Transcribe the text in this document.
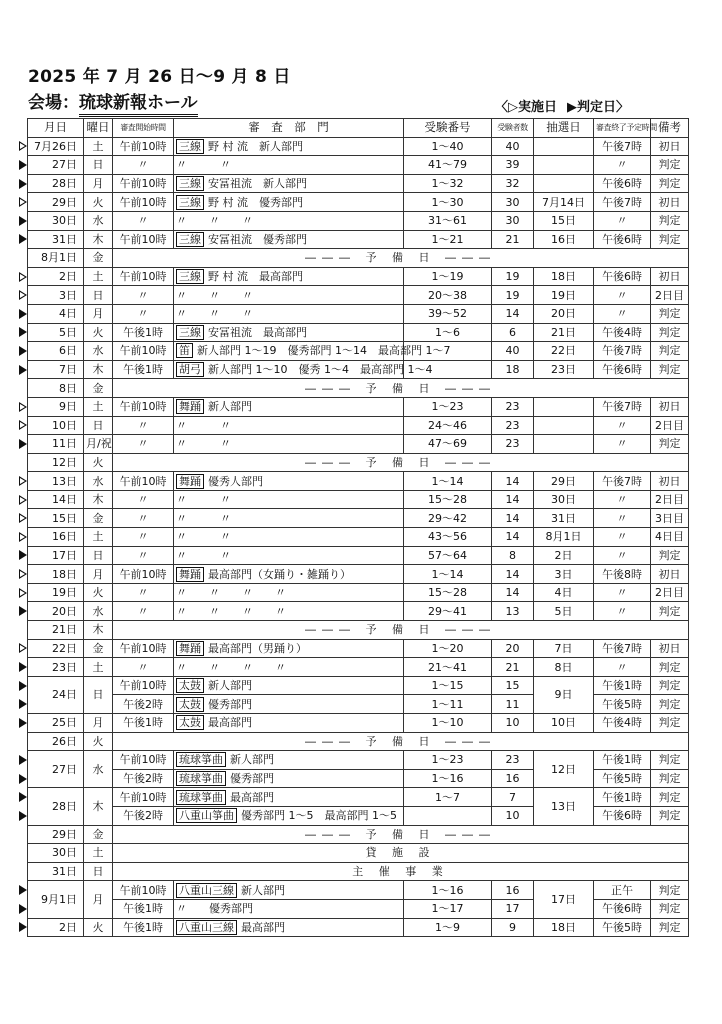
2025 年 7 月 26 日～9 月 8 日
会場：琉球新報ホール	〈▷実施日 ▶判定日〉
月日	曜日	審査開始時間	審　査　部　門	受験番号	受験者数	抽選日	審査終了予定時間	備考
7月26日	土	午前10時	三線 野 村 流　新人部門	1～40	40		午後7時	初日
27日	日	〃	〃　　　〃	41～79	39		〃	判定
28日	月	午前10時	三線 安冨祖流　新人部門	1～32	32		午後6時	判定
29日	火	午前10時	三線 野 村 流　優秀部門	1～30	30	7月14日	午後7時	初日
30日	水	〃	〃　　〃　　〃	31～61	30	15日	〃	判定
31日	木	午前10時	三線 安冨祖流　優秀部門	1～21	21	16日	午後6時	判定
8月1日	金	――― 予 備 日 ―――						
2日	土	午前10時	三線 野 村 流　最高部門	1～19	19	18日	午後6時	初日
3日	日	〃	〃　　〃　　〃	20～38	19	19日	〃	2日目
4日	月	〃	〃　　〃　　〃	39～52	14	20日	〃	判定
5日	火	午後1時	三線 安冨祖流　最高部門	1～6	6	21日	午後4時	判定
6日	水	午前10時	笛 新人部門 1～19　優秀部門 1～14　最高部門 1～7		40	22日	午後7時	判定
7日	木	午後1時	胡弓 新人部門 1～10　優秀 1～4　最高部門 1～4		18	23日	午後6時	判定
8日	金	――― 予 備 日 ―――						
9日	土	午前10時	舞踊 新人部門	1～23	23		午後7時	初日
10日	日	〃	〃　　　〃	24～46	23		〃	2日目
11日	月/祝	〃	〃　　　〃	47～69	23		〃	判定
12日	火	――― 予 備 日 ―――						
13日	水	午前10時	舞踊 優秀人部門	1～14	14	29日	午後7時	初日
14日	木	〃	〃　　　〃	15～28	14	30日	〃	2日目
15日	金	〃	〃　　　〃	29～42	14	31日	〃	3日目
16日	土	〃	〃　　　〃	43～56	14	8月1日	〃	4日目
17日	日	〃	〃　　　〃	57～64	8	2日	〃	判定
18日	月	午前10時	舞踊 最高部門（女踊り・雑踊り）	1～14	14	3日	午後8時	初日
19日	火	〃	〃　　〃　　〃　　〃	15～28	14	4日	〃	2日目
20日	水	〃	〃　　〃　　〃　　〃	29～41	13	5日	〃	判定
21日	木	――― 予 備 日 ―――						
22日	金	午前10時	舞踊 最高部門（男踊り）	1～20	20	7日	午後7時	初日
23日	土	〃	〃　　〃　　〃　　〃	21～41	21	8日	〃	判定
24日	日	午前10時	太鼓 新人部門	1～15	15	9日	午後1時	判定
		午後2時	太鼓 優秀部門	1～11	11		午後5時	判定
25日	月	午後1時	太鼓 最高部門	1～10	10	10日	午後4時	判定
26日	火	――― 予 備 日 ―――						
27日	水	午前10時	琉球箏曲 新人部門	1～23	23	12日	午後1時	判定
		午後2時	琉球箏曲 優秀部門	1～16	16		午後5時	判定
28日	木	午前10時	琉球箏曲 最高部門	1～7	7	13日	午後1時	判定
		午後2時	八重山箏曲 優秀部門 1～5　最高部門 1～5		10		午後6時	判定
29日	金	――― 予 備 日 ―――						
30日	土	貸 施 設						
31日	日	主 催 事 業						
9月1日	月	午前10時	八重山三線 新人部門	1～16	16	17日	正午	判定
		午後1時	〃　　優秀部門	1～17	17		午後6時	判定
2日	火	午後1時	八重山三線 最高部門	1～9	9	18日	午後5時	判定
